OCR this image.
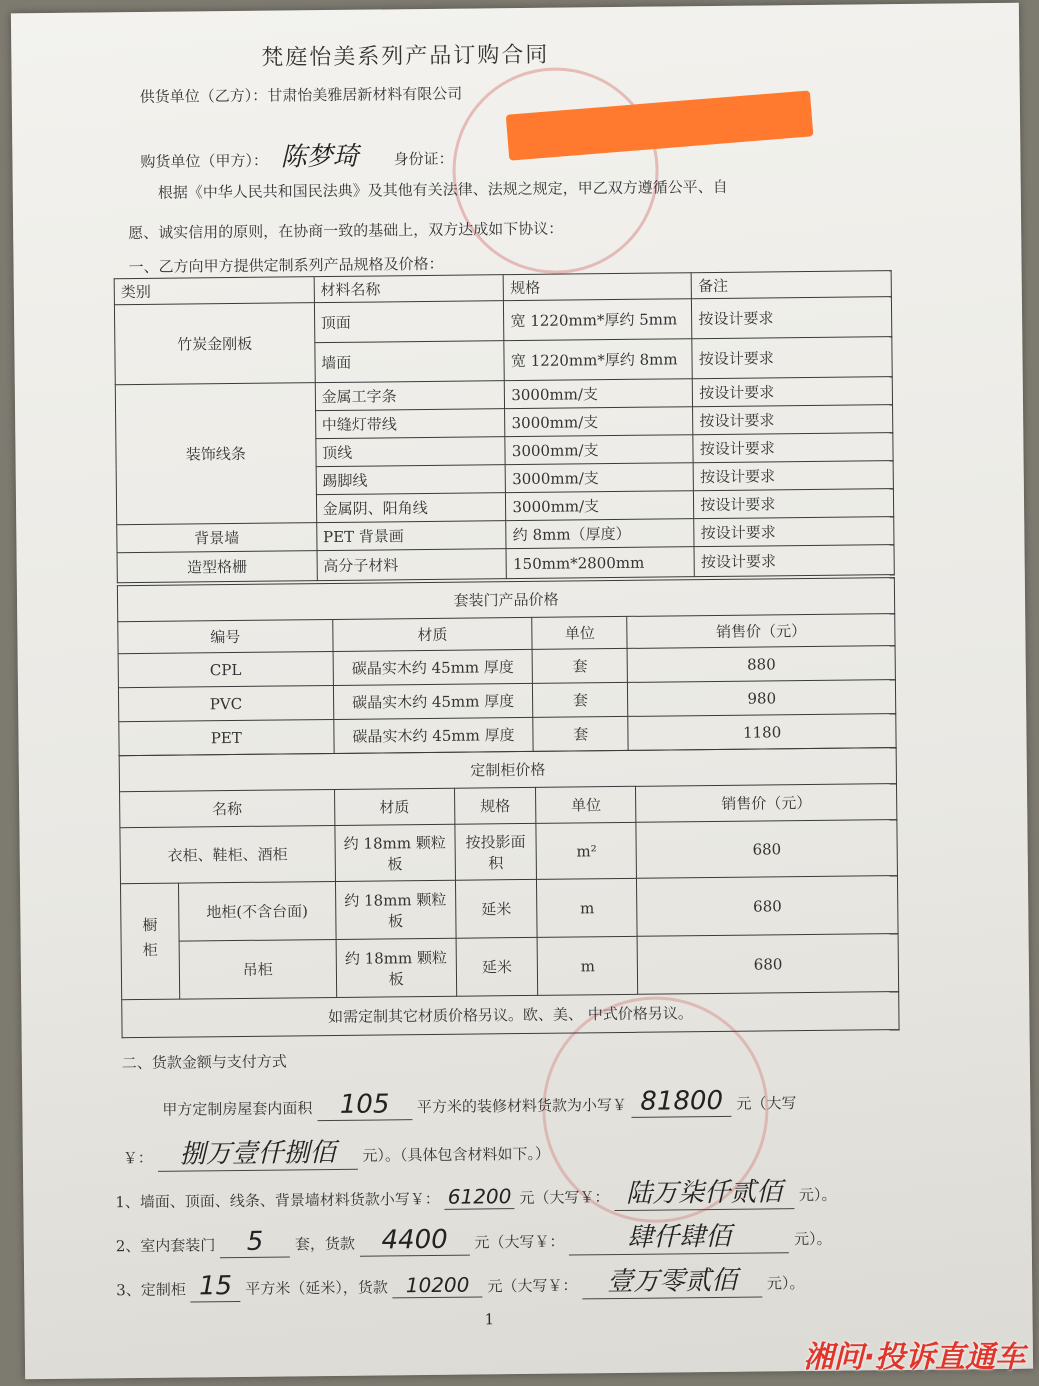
梵庭怡美系列产品订购合同
供货单位（乙方）：甘肃怡美雅居新材料有限公司
购货单位（甲方）： 陈梦琦 身份证：
根据《中华人民共和国民法典》及其他有关法律、法规之规定，甲乙双方遵循公平、自
愿、诚实信用的原则，在协商一致的基础上，双方达成如下协议：
一、乙方向甲方提供定制系列产品规格及价格：
类别	材料名称	规格	备注
竹炭金刚板	顶面	宽 1220mm*厚约 5mm	按设计要求
	墙面	宽 1220mm*厚约 8mm	按设计要求
装饰线条	金属工字条	3000mm/支	按设计要求
	中缝灯带线	3000mm/支	按设计要求
	顶线	3000mm/支	按设计要求
	踢脚线	3000mm/支	按设计要求
	金属阴、阳角线	3000mm/支	按设计要求
背景墙	PET 背景画	约 8mm（厚度）	按设计要求
造型格栅	高分子材料	150mm*2800mm	按设计要求
套装门产品价格			
编号	材质	单位	销售价（元）
CPL	碳晶实木约 45mm 厚度	套	880
PVC	碳晶实木约 45mm 厚度	套	980
PET	碳晶实木约 45mm 厚度	套	1180
定制柜价格					
名称		材质	规格	单位	销售价（元）
衣柜、鞋柜、酒柜		约 18mm 颗粒板	按投影面积	m²	680
橱柜	地柜(不含台面)	约 18mm 颗粒板	延米	m	680
	吊柜	约 18mm 颗粒板	延米	m	680
如需定制其它材质价格另议。欧、美、 中式价格另议。					
二、货款金额与支付方式
甲方定制房屋套内面积 105 平方米的装修材料货款为小写￥ 81800 元（大写
￥： 捌万壹仟捌佰 元）。（具体包含材料如下。）
1、墙面、顶面、线条、背景墙材料货款小写￥： 61200 元（大写￥： 陆万柒仟贰佰 元）。
2、室内套装门 5 套，货款 4400 元（大写￥： 肆仟肆佰	元）。
3、定制柜 15 平方米（延米），货款 10200 元（大写￥： 壹万零贰佰 元）。
1
湘问·投诉直通车
